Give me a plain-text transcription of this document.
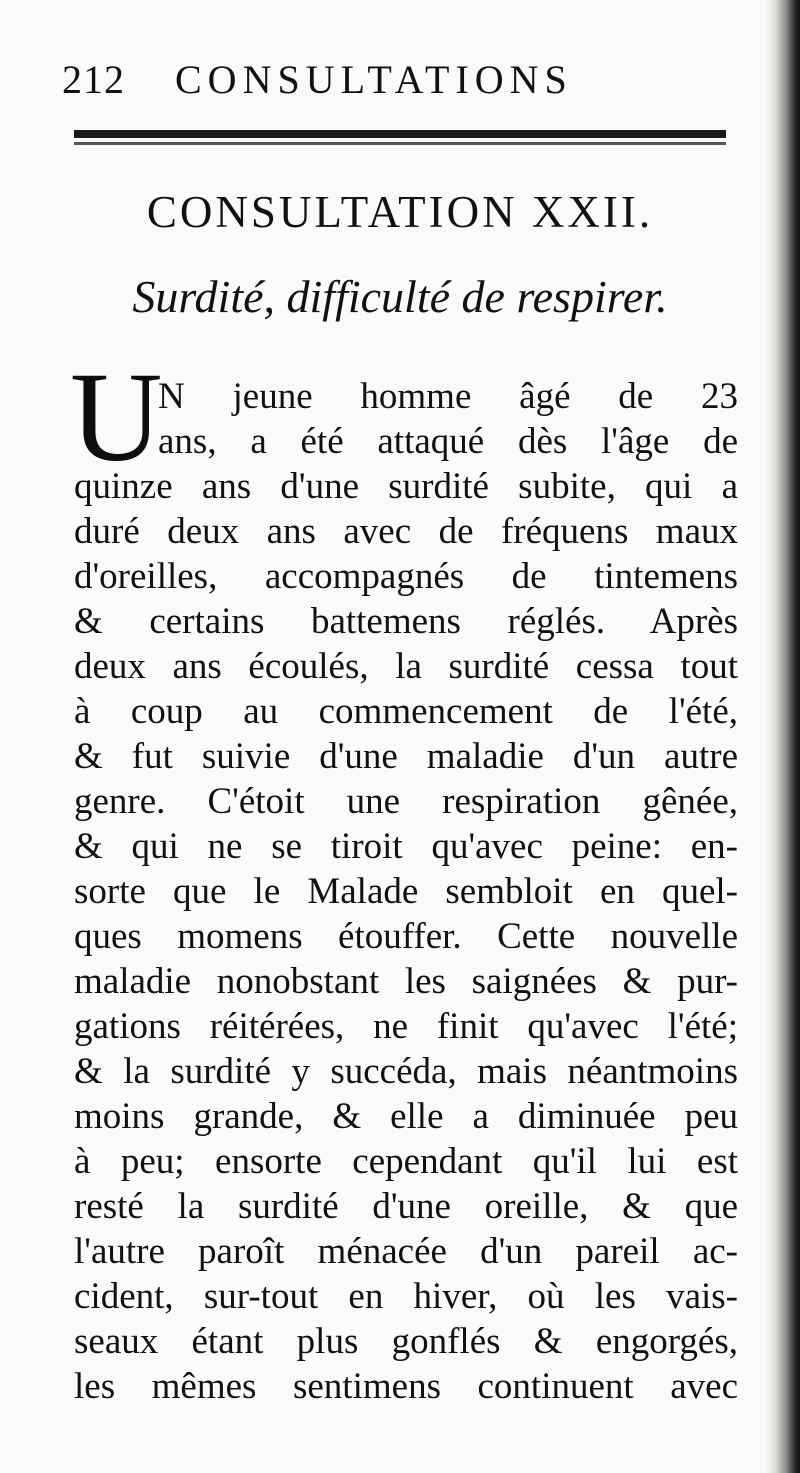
212 CONSULTATIONS
CONSULTATION XXII.
Surdité, difficulté de respirer.
U
N jeune homme âgé de 23
ans, a été attaqué dès l'âge de
quinze ans d'une surdité subite, qui a
duré deux ans avec de fréquens maux
d'oreilles, accompagnés de tintemens
& certains battemens réglés. Après
deux ans écoulés, la surdité cessa tout
à coup au commencement de l'été,
& fut suivie d'une maladie d'un autre
genre. C'étoit une respiration gênée,
& qui ne se tiroit qu'avec peine: en-
sorte que le Malade sembloit en quel-
ques momens étouffer. Cette nouvelle
maladie nonobstant les saignées & pur-
gations réitérées, ne finit qu'avec l'été;
& la surdité y succéda, mais néantmoins
moins grande, & elle a diminuée peu
à peu; ensorte cependant qu'il lui est
resté la surdité d'une oreille, & que
l'autre paroît ménacée d'un pareil ac-
cident, sur-tout en hiver, où les vais-
seaux étant plus gonflés & engorgés,
les mêmes sentimens continuent avec
